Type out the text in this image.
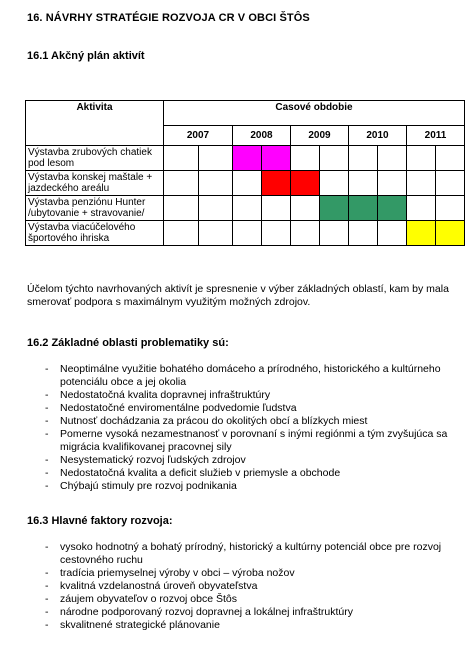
16. NÁVRHY STRATÉGIE ROZVOJA CR V OBCI ŠTÔS
16.1 Akčný plán aktivít
Aktivita	Casové obdobie									
	2007		2008		2009		2010		2011	
Výstavba zrubových chatiek pod lesom										
Výstavba konskej maštale + jazdeckého areálu										
Výstavba penziónu Hunter /ubytovanie + stravovanie/										
Výstavba viacúčelového športového ihriska										

Účelom týchto navrhovaných aktivít je spresnenie v výber základných oblastí, kam by mala smerovať podpora s maximálnym využitým možných zdrojov.

16.2 Základné oblasti problematiky sú:
- Neoptimálne využitie bohatého domáceho a prírodného, historického a kultúrneho potenciálu obce a jej okolia
- Nedostatočná kvalita dopravnej infraštruktúry
- Nedostatočné enviromentálne podvedomie ľudstva
- Nutnosť dochádzania za prácou do okolitých obcí a blízkych miest
- Pomerne vysoká nezamestnanosť v porovnaní s inými regiónmi a tým zvyšujúca sa migrácia kvalifikovanej pracovnej sily
- Nesystematický rozvoj ľudských zdrojov
- Nedostatočná kvalita a deficit služieb v priemysle a obchode
- Chýbajú stimuly pre rozvoj podnikania
16.3 Hlavné faktory rozvoja:
- vysoko hodnotný a bohatý prírodný, historický a kultúrny potenciál obce pre rozvoj cestovného ruchu
- tradícia priemyselnej výroby v obci – výroba nožov
- kvalitná vzdelanostná úroveň obyvateľstva
- záujem obyvateľov o rozvoj obce Štôs
- národne podporovaný rozvoj dopravnej a lokálnej infraštruktúry
- skvalitnené strategické plánovanie
